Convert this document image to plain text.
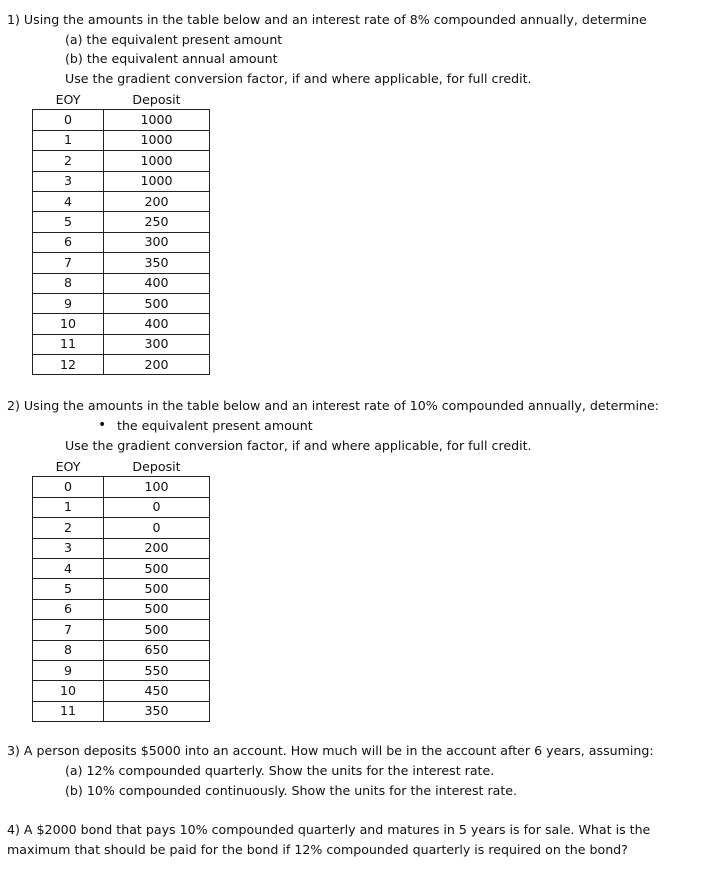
1) Using the amounts in the table below and an interest rate of 8% compounded annually, determine
(a) the equivalent present amount
(b) the equivalent annual amount
Use the gradient conversion factor, if and where applicable, for full credit.
EOY	Deposit
0	1000
1	1000
2	1000
3	1000
4	200
5	250
6	300
7	350
8	400
9	500
10	400
11	300
12	200
2) Using the amounts in the table below and an interest rate of 10% compounded annually, determine:
• the equivalent present amount
Use the gradient conversion factor, if and where applicable, for full credit.
EOY	Deposit
0	100
1	0
2	0
3	200
4	500
5	500
6	500
7	500
8	650
9	550
10	450
11	350
3) A person deposits $5000 into an account. How much will be in the account after 6 years, assuming:
(a) 12% compounded quarterly. Show the units for the interest rate.
(b) 10% compounded continuously. Show the units for the interest rate.
4) A $2000 bond that pays 10% compounded quarterly and matures in 5 years is for sale. What is the
maximum that should be paid for the bond if 12% compounded quarterly is required on the bond?
